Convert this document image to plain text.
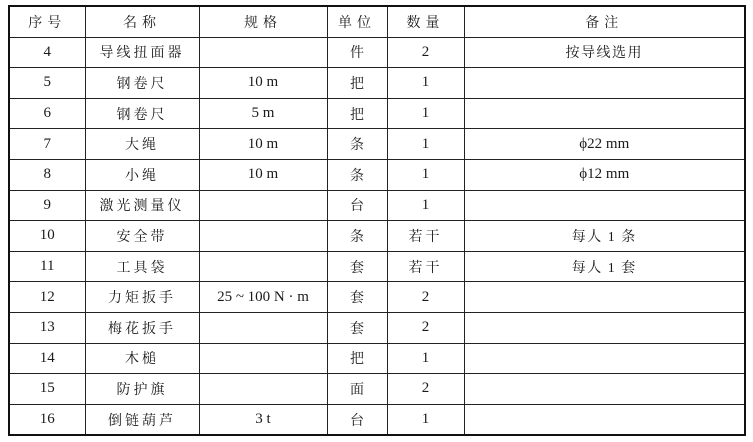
序号	名称	规格	单位	数量	备注
4	导线扭面器		件	2	按导线选用
5	钢卷尺	10 m	把	1	
6	钢卷尺	5 m	把	1	
7	大绳	10 m	条	1	ϕ22 mm
8	小绳	10 m	条	1	ϕ12 mm
9	激光测量仪		台	1	
10	安全带		条	若干	每人 1 条
11	工具袋		套	若干	每人 1 套
12	力矩扳手	25 ~ 100 N · m	套	2	
13	梅花扳手		套	2	
14	木槌		把	1	
15	防护旗		面	2	
16	倒链葫芦	3 t	台	1	
